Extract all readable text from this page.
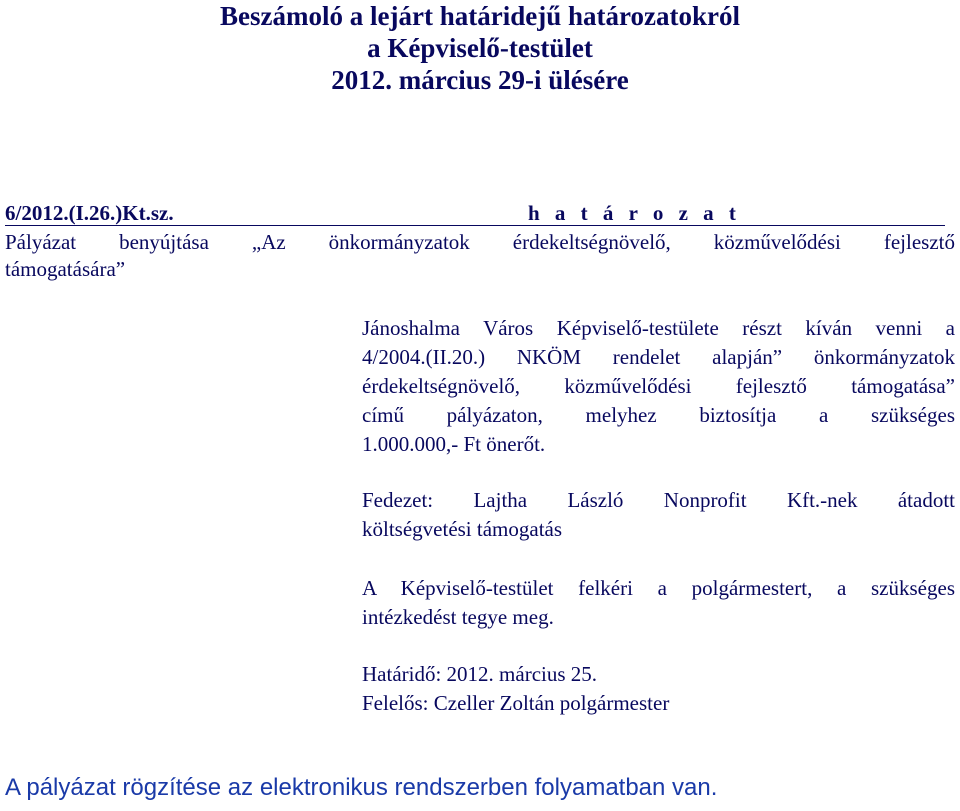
Beszámoló a lejárt határidejű határozatokról
a Képviselő-testület
2012. március 29-i ülésére
6/2012.(I.26.)Kt.sz.	h a t á r o z a t
Pályázat benyújtása „Az önkormányzatok érdekeltségnövelő, közművelődési fejlesztő
támogatására”
Jánoshalma Város Képviselő-testülete részt kíván venni a
4/2004.(II.20.) NKÖM rendelet alapján” önkormányzatok
érdekeltségnövelő, közművelődési fejlesztő támogatása”
című pályázaton, melyhez biztosítja a szükséges
1.000.000,- Ft önerőt.
Fedezet: Lajtha László Nonprofit Kft.-nek átadott
költségvetési támogatás
A Képviselő-testület felkéri a polgármestert, a szükséges
intézkedést tegye meg.
Határidő: 2012. március 25.
Felelős: Czeller Zoltán polgármester
A pályázat rögzítése az elektronikus rendszerben folyamatban van.
